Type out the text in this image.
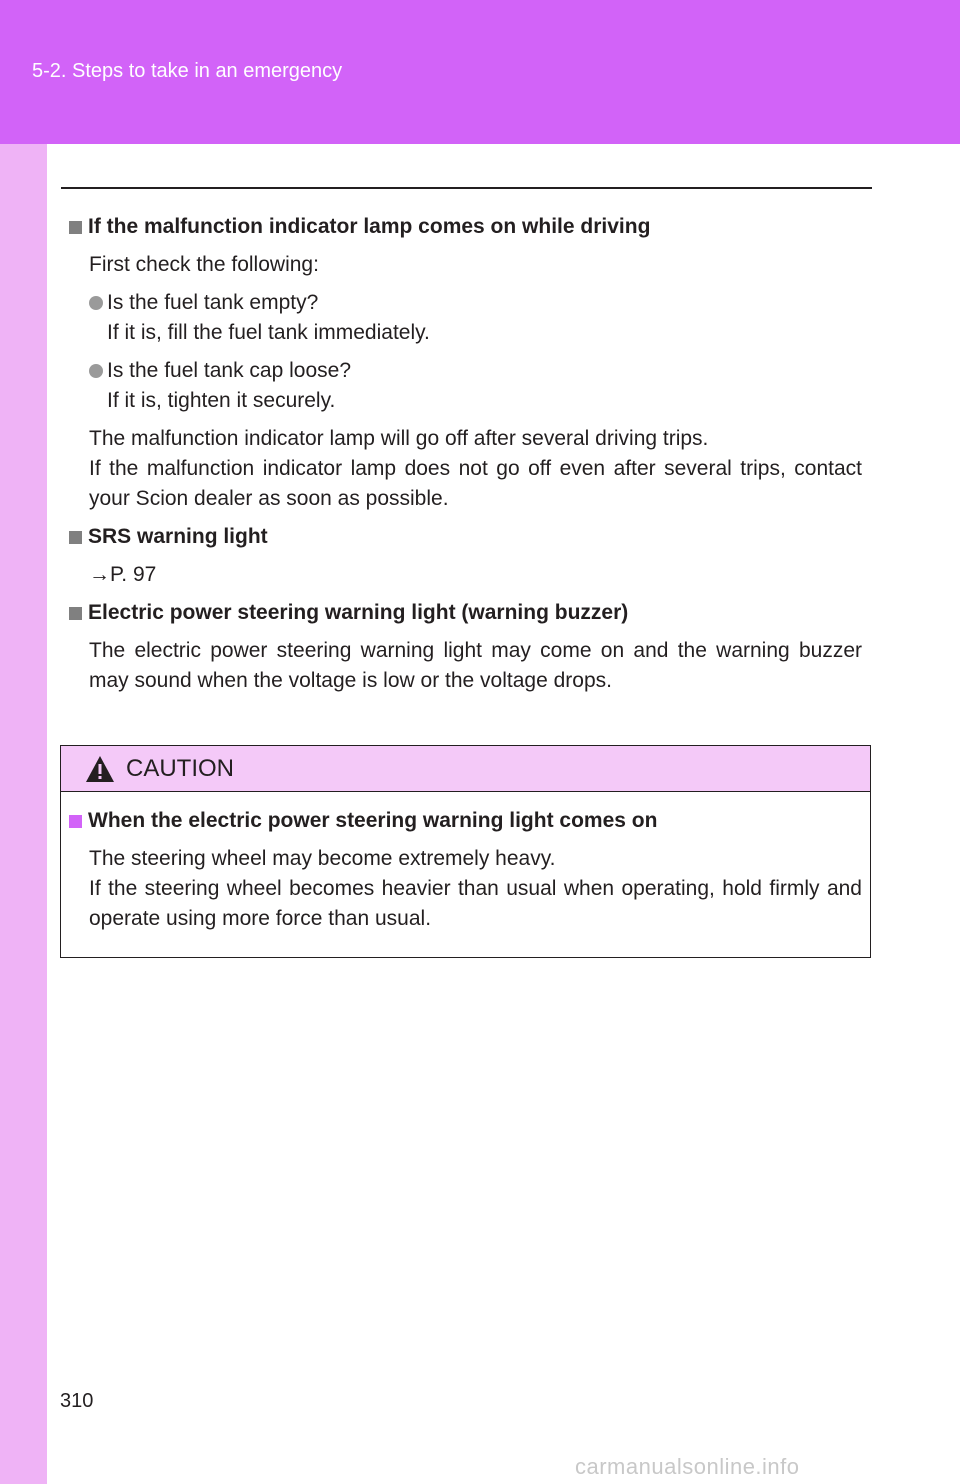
5-2. Steps to take in an emergency
If the malfunction indicator lamp comes on while driving
First check the following:
Is the fuel tank empty?
If it is, fill the fuel tank immediately.
Is the fuel tank cap loose?
If it is, tighten it securely.
The malfunction indicator lamp will go off after several driving trips.
If the malfunction indicator lamp does not go off even after several trips, contact your Scion dealer as soon as possible.
SRS warning light
→P. 97
Electric power steering warning light (warning buzzer)
The electric power steering warning light may come on and the warning buzzer may sound when the voltage is low or the voltage drops.
CAUTION
When the electric power steering warning light comes on
The steering wheel may become extremely heavy.
If the steering wheel becomes heavier than usual when operating, hold firmly and operate using more force than usual.
310
carmanualsonline.info
